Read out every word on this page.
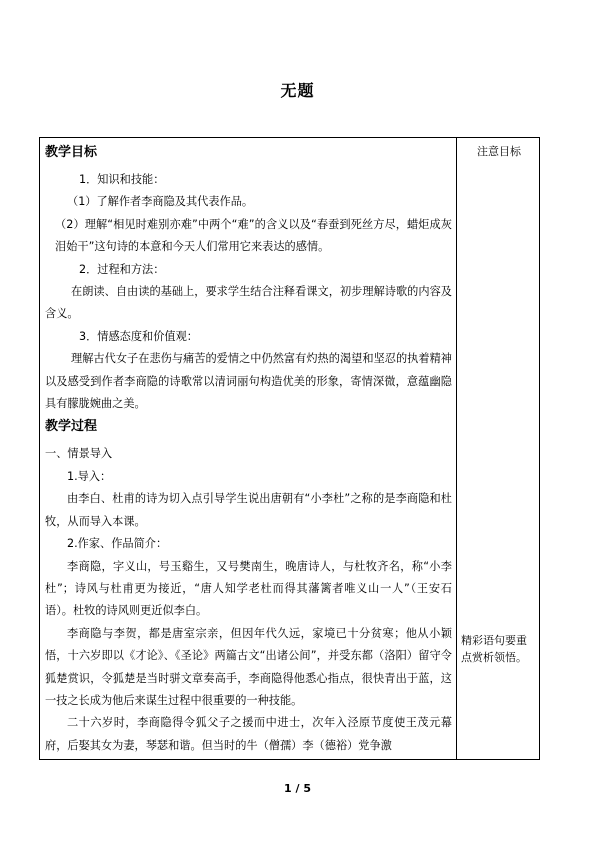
无题

教学目标

1．知识和技能：

（1）了解作者李商隐及其代表作品。

（2）理解“相见时难别亦难”中两个“难”的含义以及“春蚕到死丝方尽，蜡炬成灰泪始干”这句诗的本意和今天人们常用它来表达的感情。

2．过程和方法：

在朗读、自由读的基础上，要求学生结合注释看课文，初步理解诗歌的内容及含义。

3．情感态度和价值观：

理解古代女子在悲伤与痛苦的爱情之中仍然富有灼热的渴望和坚忍的执着精神以及感受到作者李商隐的诗歌常以清词丽句构造优美的形象，寄情深微，意蕴幽隐具有朦胧婉曲之美。

教学过程

一、情景导入

1.导入：

由李白、杜甫的诗为切入点引导学生说出唐朝有“小李杜”之称的是李商隐和杜牧，从而导入本课。

2.作家、作品简介：

李商隐，字义山，号玉谿生，又号樊南生，晚唐诗人，与杜牧齐名，称“小李杜”；诗风与杜甫更为接近，“唐人知学老杜而得其藩篱者唯义山一人”（王安石语）。杜牧的诗风则更近似李白。

李商隐与李贺，都是唐室宗亲，但因年代久远，家境已十分贫寒；他从小颖悟，十六岁即以《才论》、《圣论》两篇古文“出诸公间”，并受东都（洛阳）留守令狐楚赏识，令狐楚是当时骈文章奏高手，李商隐得他悉心指点，很快青出于蓝，这一技之长成为他后来谋生过程中很重要的一种技能。

二十六岁时，李商隐得令狐父子之援而中进士，次年入泾原节度使王茂元幕府，后娶其女为妻，琴瑟和谐。但当时的牛（僧孺）李（德裕）党争激

注意目标
精彩语句要重点赏析领悟。
1 / 5
